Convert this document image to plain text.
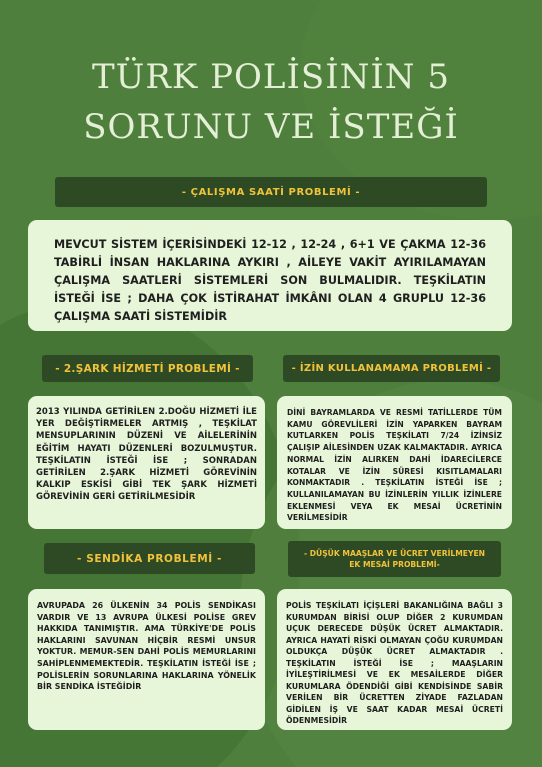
TÜRK POLİSİNİN 5 SORUNU VE İSTEĞİ
- ÇALIŞMA SAATİ PROBLEMİ -

MEVCUT SİSTEM İÇERİSİNDEKİ 12-12 , 12-24 , 6+1 VE ÇAKMA 12-36 TABİRLİ İNSAN HAKLARINA AYKIRI , AİLEYE VAKİT AYIRILAMAYAN ÇALIŞMA SAATLERİ SİSTEMLERİ SON BULMALIDIR. TEŞKİLATIN İSTEĞİ İSE ; DAHA ÇOK İSTİRAHAT İMKÂNI OLAN 4 GRUPLU 12-36 ÇALIŞMA SAATİ SİSTEMİDİR

- 2.ŞARK HİZMETİ PROBLEMİ -	- İZİN KULLANAMAMA PROBLEMİ -

2013 YILINDA GETİRİLEN 2.DOĞU HİZMETİ İLE YER DEĞİŞTİRMELER ARTMIŞ , TEŞKİLAT MENSUPLARININ DÜZENİ VE AİLELERİNİN EĞİTİM HAYATI DÜZENLERİ BOZULMUŞTUR. TEŞKİLATIN İSTEĞİ İSE ; SONRADAN GETİRİLEN 2.ŞARK HİZMETİ GÖREVİNİN KALKIP ESKİSİ GİBİ TEK ŞARK HİZMETİ GÖREVİNİN GERİ GETİRİLMESİDİR

DİNİ BAYRAMLARDA VE RESMİ TATİLLERDE TÜM KAMU GÖREVLİLERİ İZİN YAPARKEN BAYRAM KUTLARKEN POLİS TEŞKİLATI 7/24 İZİNSİZ ÇALIŞIP AİLESİNDEN UZAK KALMAKTADIR. AYRICA NORMAL İZİN ALIRKEN DAHİ İDARECİLERCE KOTALAR VE İZİN SÜRESİ KISITLAMALARI KONMAKTADIR . TEŞKİLATIN İSTEĞİ İSE ; KULLANILAMAYAN BU İZİNLERİN YILLIK İZİNLERE EKLENMESİ VEYA EK MESAİ ÜCRETİNİN VERİLMESİDİR

- SENDİKA PROBLEMİ -	- DÜŞÜK MAAŞLAR VE ÜCRET VERİLMEYEN
EK MESAİ PROBLEMİ-

AVRUPADA 26 ÜLKENİN 34 POLİS SENDİKASI VARDIR VE 13 AVRUPA ÜLKESİ POLİSE GREV HAKKIDA TANIMIŞTIR. AMA TÜRKİYE'DE POLİS HAKLARINI SAVUNAN HİÇBİR RESMİ UNSUR YOKTUR. MEMUR-SEN DAHİ POLİS MEMURLARINI SAHİPLENMEMEKTEDİR. TEŞKİLATIN İSTEĞİ İSE ; POLİSLERİN SORUNLARINA HAKLARINA YÖNELİK BİR SENDİKA İSTEĞİDİR

POLİS TEŞKİLATI İÇİŞLERİ BAKANLIĞINA BAĞLI 3 KURUMDAN BİRİSİ OLUP DİĞER 2 KURUMDAN UÇUK DERECEDE DÜŞÜK ÜCRET ALMAKTADIR. AYRICA HAYATİ RİSKİ OLMAYAN ÇOĞU KURUMDAN OLDUKÇA DÜŞÜK ÜCRET ALMAKTADIR . TEŞKİLATIN İSTEĞİ İSE ; MAAŞLARIN İYİLEŞTİRİLMESİ VE EK MESAİLERDE DİĞER KURUMLARA ÖDENDİĞİ GİBİ KENDİSİNDE SABİR VERİLEN BİR ÜCRETTEN ZİYADE FAZLADAN GİDİLEN İŞ VE SAAT KADAR MESAİ ÜCRETİ ÖDENMESİDİR
